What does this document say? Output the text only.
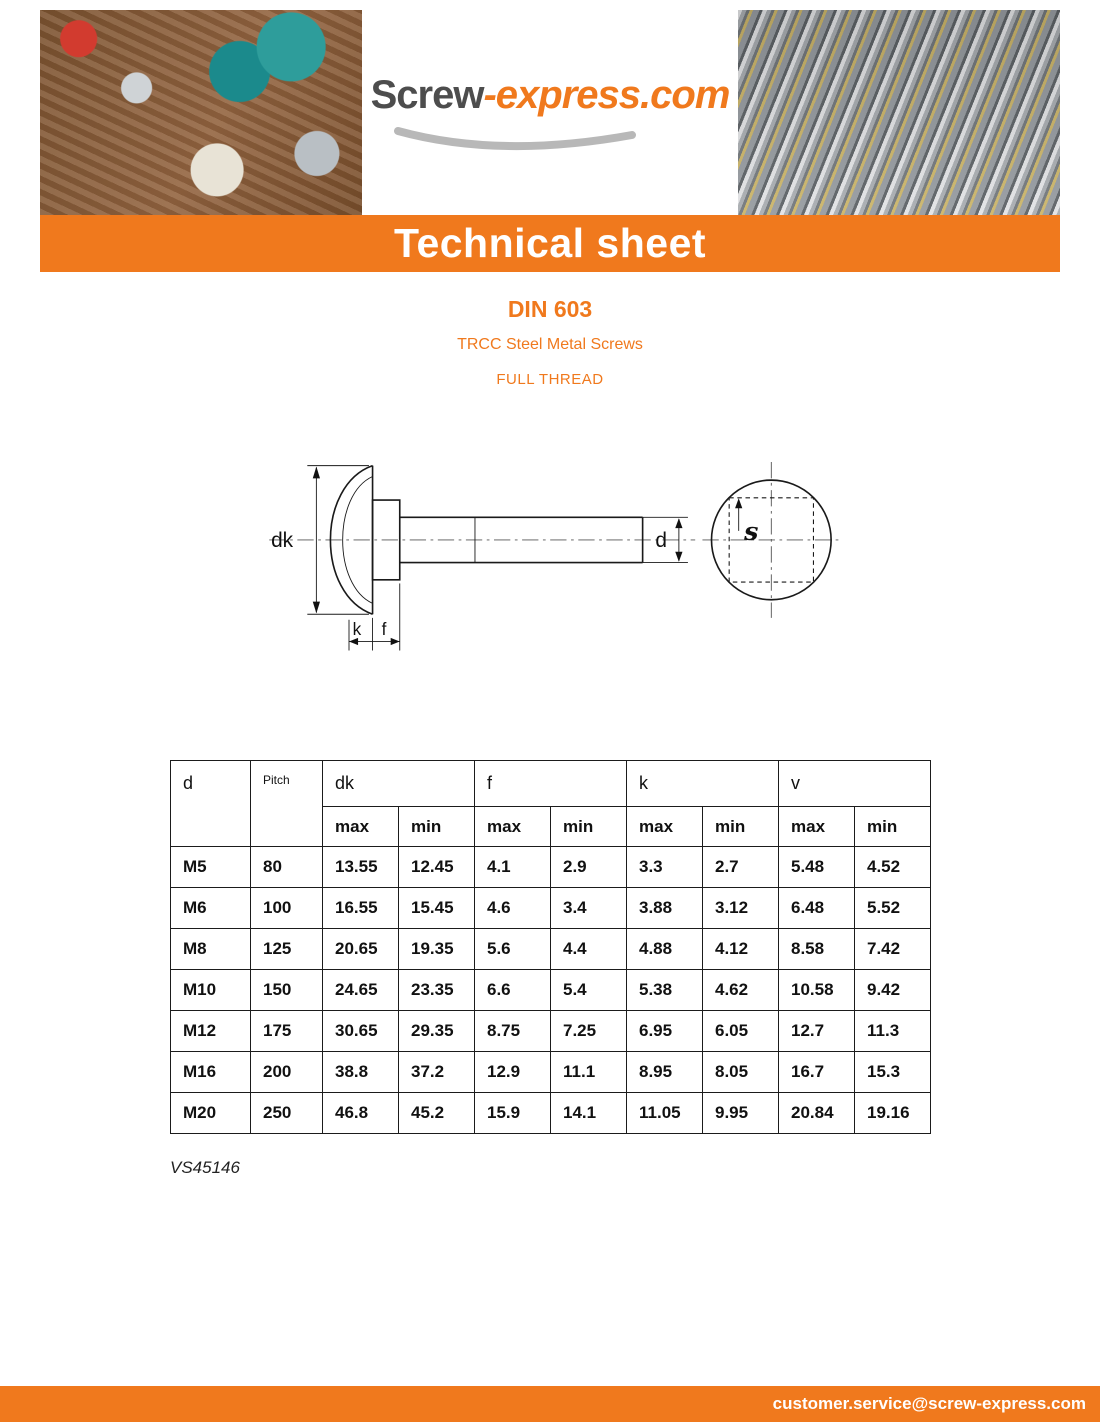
Screw-express.com
Technical sheet
DIN 603
TRCC Steel Metal Screws
FULL THREAD
dk	d
k f
s
d	Pitch	dk		f		k		v	
		max	min	max	min	max	min	max	min
M5	80	13.55	12.45	4.1	2.9	3.3	2.7	5.48	4.52
M6	100	16.55	15.45	4.6	3.4	3.88	3.12	6.48	5.52
M8	125	20.65	19.35	5.6	4.4	4.88	4.12	8.58	7.42
M10	150	24.65	23.35	6.6	5.4	5.38	4.62	10.58	9.42
M12	175	30.65	29.35	8.75	7.25	6.95	6.05	12.7	11.3
M16	200	38.8	37.2	12.9	11.1	8.95	8.05	16.7	15.3
M20	250	46.8	45.2	15.9	14.1	11.05	9.95	20.84	19.16
VS45146
customer.service@screw-express.com
